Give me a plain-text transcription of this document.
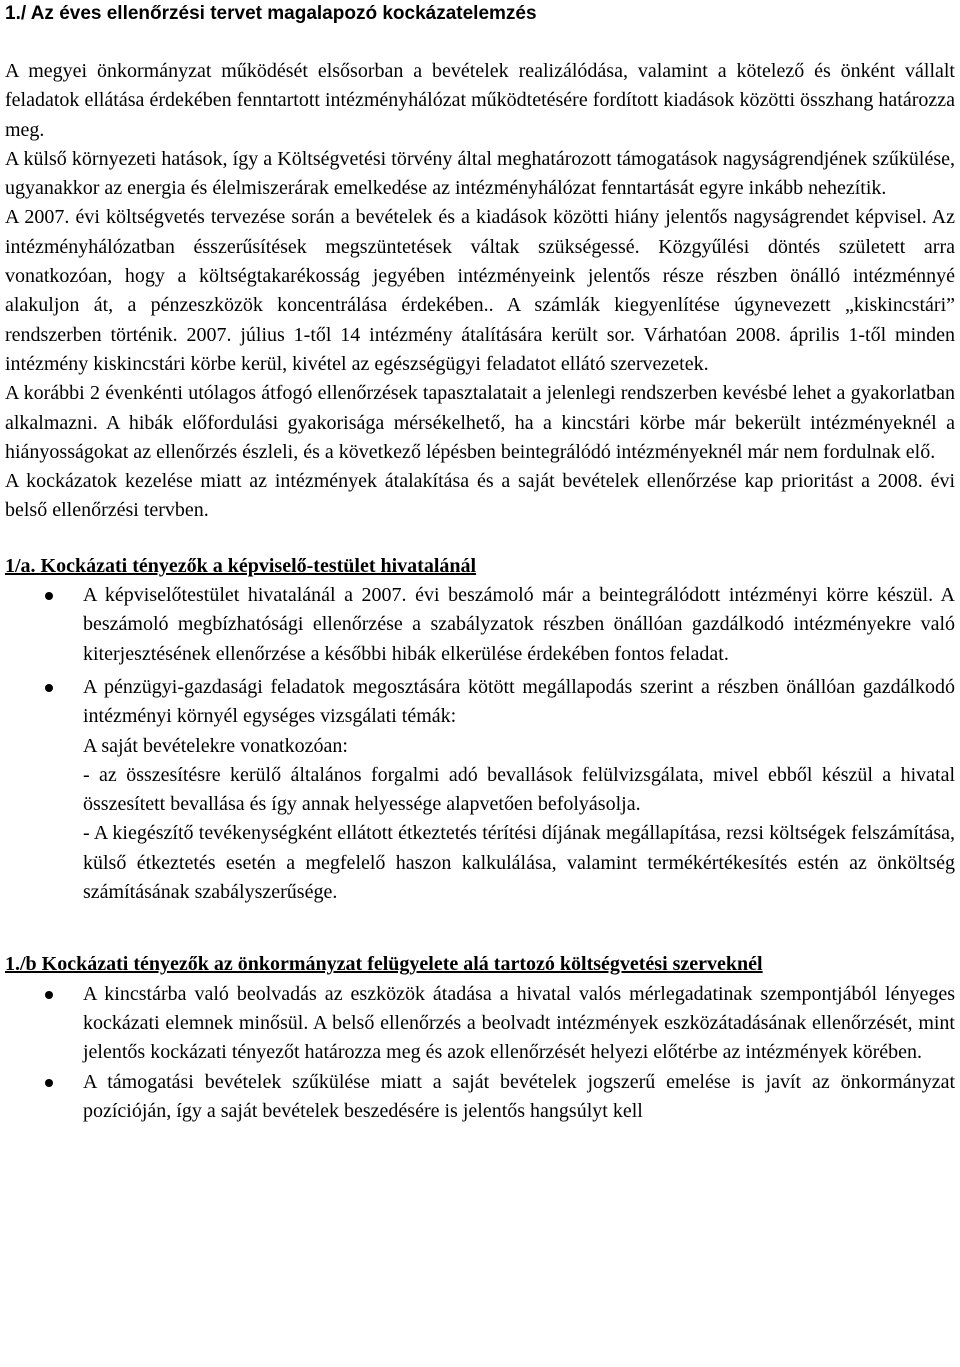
1./ Az éves ellenőrzési tervet magalapozó kockázatelemzés

A megyei önkormányzat működését elsősorban a bevételek realizálódása, valamint a kötelező és önként vállalt feladatok ellátása érdekében fenntartott intézményhálózat működtetésére fordított kiadások közötti összhang határozza meg.

A külső környezeti hatások, így a Költségvetési törvény által meghatározott támogatások nagyságrendjének szűkülése, ugyanakkor az energia és élelmiszerárak emelkedése az intézményhálózat fenntartását egyre inkább nehezítik.

A 2007. évi költségvetés tervezése során a bevételek és a kiadások közötti hiány jelentős nagyságrendet képvisel. Az intézményhálózatban ésszerűsítések megszüntetések váltak szükségessé. Közgyűlési döntés született arra vonatkozóan, hogy a költségtakarékosság jegyében intézményeink jelentős része részben önálló intézménnyé alakuljon át, a pénzeszközök koncentrálása érdekében.. A számlák kiegyenlítése úgynevezett „kiskincstári” rendszerben történik. 2007. július 1-től 14 intézmény átalítására került sor. Várhatóan 2008. április 1-től minden intézmény kiskincstári körbe kerül, kivétel az egészségügyi feladatot ellátó szervezetek.

A korábbi 2 évenkénti utólagos átfogó ellenőrzések tapasztalatait a jelenlegi rendszerben kevésbé lehet a gyakorlatban alkalmazni. A hibák előfordulási gyakorisága mérsékelhető, ha a kincstári körbe már bekerült intézményeknél a hiányosságokat az ellenőrzés észleli, és a következő lépésben beintegrálódó intézményeknél már nem fordulnak elő.

A kockázatok kezelése miatt az intézmények átalakítása és a saját bevételek ellenőrzése kap prioritást a 2008. évi belső ellenőrzési tervben.

1/a. Kockázati tényezők a képviselő-testület hivatalánál

A képviselőtestület hivatalánál a 2007. évi beszámoló már a beintegrálódott intézményi körre készül. A beszámoló megbízhatósági ellenőrzése a szabályzatok részben önállóan gazdálkodó intézményekre való kiterjesztésének ellenőrzése a későbbi hibák elkerülése érdekében fontos feladat.
A pénzügyi-gazdasági feladatok megosztására kötött megállapodás szerint a részben önállóan gazdálkodó intézményi környél egységes vizsgálati témák:
A saját bevételekre vonatkozóan:
- az összesítésre kerülő általános forgalmi adó bevallások felülvizsgálata, mivel ebből készül a hivatal összesített bevallása és így annak helyessége alapvetően befolyásolja.
- A kiegészítő tevékenységként ellátott étkeztetés térítési díjának megállapítása, rezsi költségek felszámítása, külső étkeztetés esetén a megfelelő haszon kalkulálása, valamint termékértékesítés estén az önköltség számításának szabályszerűsége.

1./b Kockázati tényezők az önkormányzat felügyelete alá tartozó költségvetési szerveknél

A kincstárba való beolvadás az eszközök átadása a hivatal valós mérlegadatinak szempontjából lényeges kockázati elemnek minősül. A belső ellenőrzés a beolvadt intézmények eszközátadásának ellenőrzését, mint jelentős kockázati tényezőt határozza meg és azok ellenőrzését helyezi előtérbe az intézmények körében.
A támogatási bevételek szűkülése miatt a saját bevételek jogszerű emelése is javít az önkormányzat pozícióján, így a saját bevételek beszedésére is jelentős hangsúlyt kell
